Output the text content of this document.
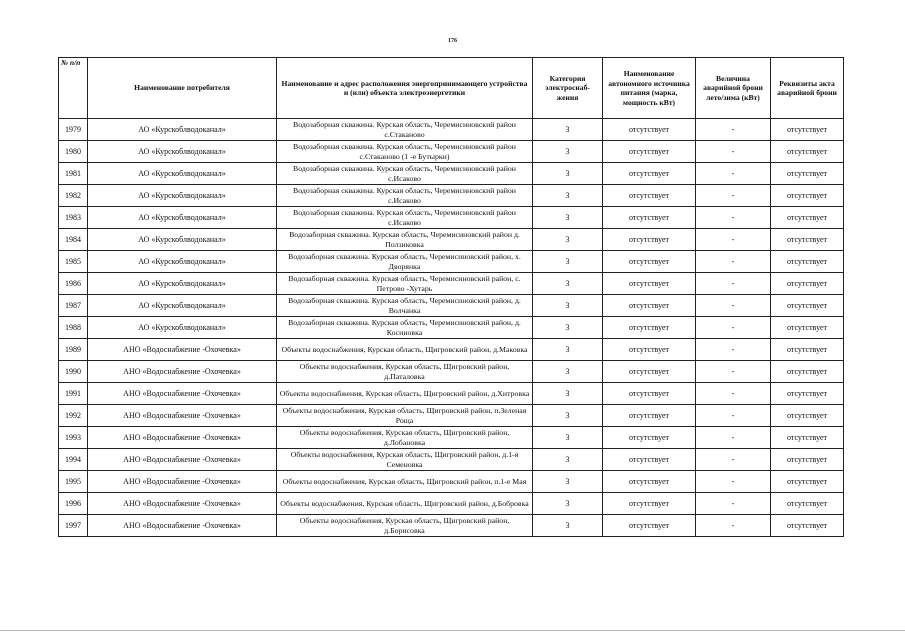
176
№ п/п	Наименование потребителя	Наименование и адрес расположения энергопринимающего устройства и (или) объекта электроэнергетики	Категория электроснаб-жения	Наименование автономного источника питания (марка, мощность кВт)	Величина аварийной брони лето/зима (кВт)	Реквизиты акта аварийной брони
1979	АО «Курскоблводоканал»	Водозаборная скважина. Курская область, Черемисиновский район с.Стаканово	3	отсутствует	-	отсутствует
1980	АО «Курскоблводоканал»	Водозаборная скважина. Курская область, Черемисиновский район с.Стаканово (1 -е Бутырки)	3	отсутствует	-	отсутствует
1981	АО «Курскоблводоканал»	Водозаборная скважина. Курская область, Черемисиновский район с.Исаково	3	отсутствует	-	отсутствует
1982	АО «Курскоблводоканал»	Водозаборная скважина. Курская область, Черемисиновский район с.Исаково	3	отсутствует	-	отсутствует
1983	АО «Курскоблводоканал»	Водозаборная скважина. Курская область, Черемисиновский район с.Исаково	3	отсутствует	-	отсутствует
1984	АО «Курскоблводоканал»	Водозаборная скважина. Курская область, Черемисиновский район д. Ползиковка	3	отсутствует	-	отсутствует
1985	АО «Курскоблводоканал»	Водозаборная скважина. Курская область, Черемисиновский район, х. Дворянка	3	отсутствует	-	отсутствует
1986	АО «Курскоблводоканал»	Водозаборная скважина. Курская область, Черемисиновский район, с. Петрово -Хутарь	3	отсутствует	-	отсутствует
1987	АО «Курскоблводоканал»	Водозаборная скважина. Курская область, Черемисиновский район, д. Волчанка	3	отсутствует	-	отсутствует
1988	АО «Курскоблводоканал»	Водозаборная скважина. Курская область, Черемисиновский район, д. Косиновка	3	отсутствует	-	отсутствует
1989	АНО «Водоснабжение -Охочевка»	Объекты водоснабжения, Курская область, Щигровский район, д.Маковка	3	отсутствует	-	отсутствует
1990	АНО «Водоснабжение -Охочевка»	Объекты водоснабжения, Курская область, Щигровский район, д.Паталовка	3	отсутствует	-	отсутствует
1991	АНО «Водоснабжение -Охочевка»	Объекты водоснабжения, Курская область, Щигровский район, д.Хитровка	3	отсутствует	-	отсутствует
1992	АНО «Водоснабжение -Охочевка»	Объекты водоснабжения, Курская область, Щигровский район, п.Зеленая Роща	3	отсутствует	-	отсутствует
1993	АНО «Водоснабжение -Охочевка»	Объекты водоснабжения, Курская область, Щигровский район, д.Лобановка	3	отсутствует	-	отсутствует
1994	АНО «Водоснабжение -Охочевка»	Объекты водоснабжения, Курская область, Щигровский район, д.1-я Семеновка	3	отсутствует	-	отсутствует
1995	АНО «Водоснабжение -Охочевка»	Объекты водоснабжения, Курская область, Щигровский район, п.1-е Мая	3	отсутствует	-	отсутствует
1996	АНО «Водоснабжение -Охочевка»	Объекты водоснабжения, Курская область, Щигровский район, д.Бобровка	3	отсутствует	-	отсутствует
1997	АНО «Водоснабжение -Охочевка»	Объекты водоснабжения, Курская область, Щигровский район, д.Борисовка	3	отсутствует	-	отсутствует
